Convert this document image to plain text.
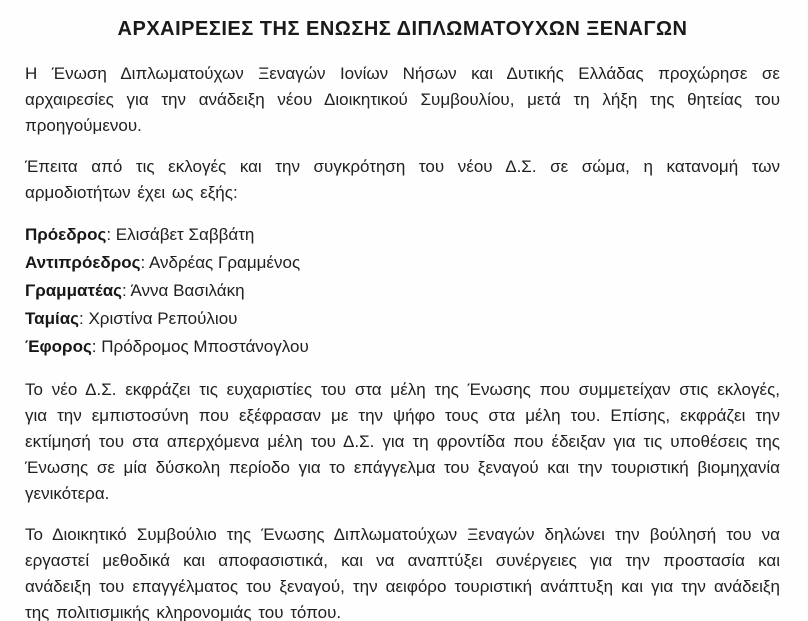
ΑΡΧΑΙΡΕΣΙΕΣ ΤΗΣ ΕΝΩΣΗΣ ΔΙΠΛΩΜΑΤΟΥΧΩΝ ΞΕΝΑΓΩΝ

Η Ένωση Διπλωματούχων Ξεναγών Ιονίων Νήσων και Δυτικής Ελλάδας προχώρησε σε αρχαιρεσίες για την ανάδειξη νέου Διοικητικού Συμβουλίου, μετά τη λήξη της θητείας του προηγούμενου.

Έπειτα από τις εκλογές και την συγκρότηση του νέου Δ.Σ. σε σώμα, η κατανομή των αρμοδιοτήτων έχει ως εξής:

Πρόεδρος: Ελισάβετ Σαββάτη
Αντιπρόεδρος: Ανδρέας Γραμμένος
Γραμματέας: Άννα Βασιλάκη
Ταμίας: Χριστίνα Ρεπούλιου
Έφορος: Πρόδρομος Μποστάνογλου

Το νέο Δ.Σ. εκφράζει τις ευχαριστίες του στα μέλη της Ένωσης που συμμετείχαν στις εκλογές, για την εμπιστοσύνη που εξέφρασαν με την ψήφο τους στα μέλη του. Επίσης, εκφράζει την εκτίμησή του στα απερχόμενα μέλη του Δ.Σ. για τη φροντίδα που έδειξαν για τις υποθέσεις της Ένωσης σε μία δύσκολη περίοδο για το επάγγελμα του ξεναγού και την τουριστική βιομηχανία γενικότερα.

Το Διοικητικό Συμβούλιο της Ένωσης Διπλωματούχων Ξεναγών δηλώνει την βούλησή του να εργαστεί μεθοδικά και αποφασιστικά, και να αναπτύξει συνέργειες για την προστασία και ανάδειξη του επαγγέλματος του ξεναγού, την αειφόρο τουριστική ανάπτυξη και για την ανάδειξη της πολιτισμικής κληρονομιάς του τόπου.
